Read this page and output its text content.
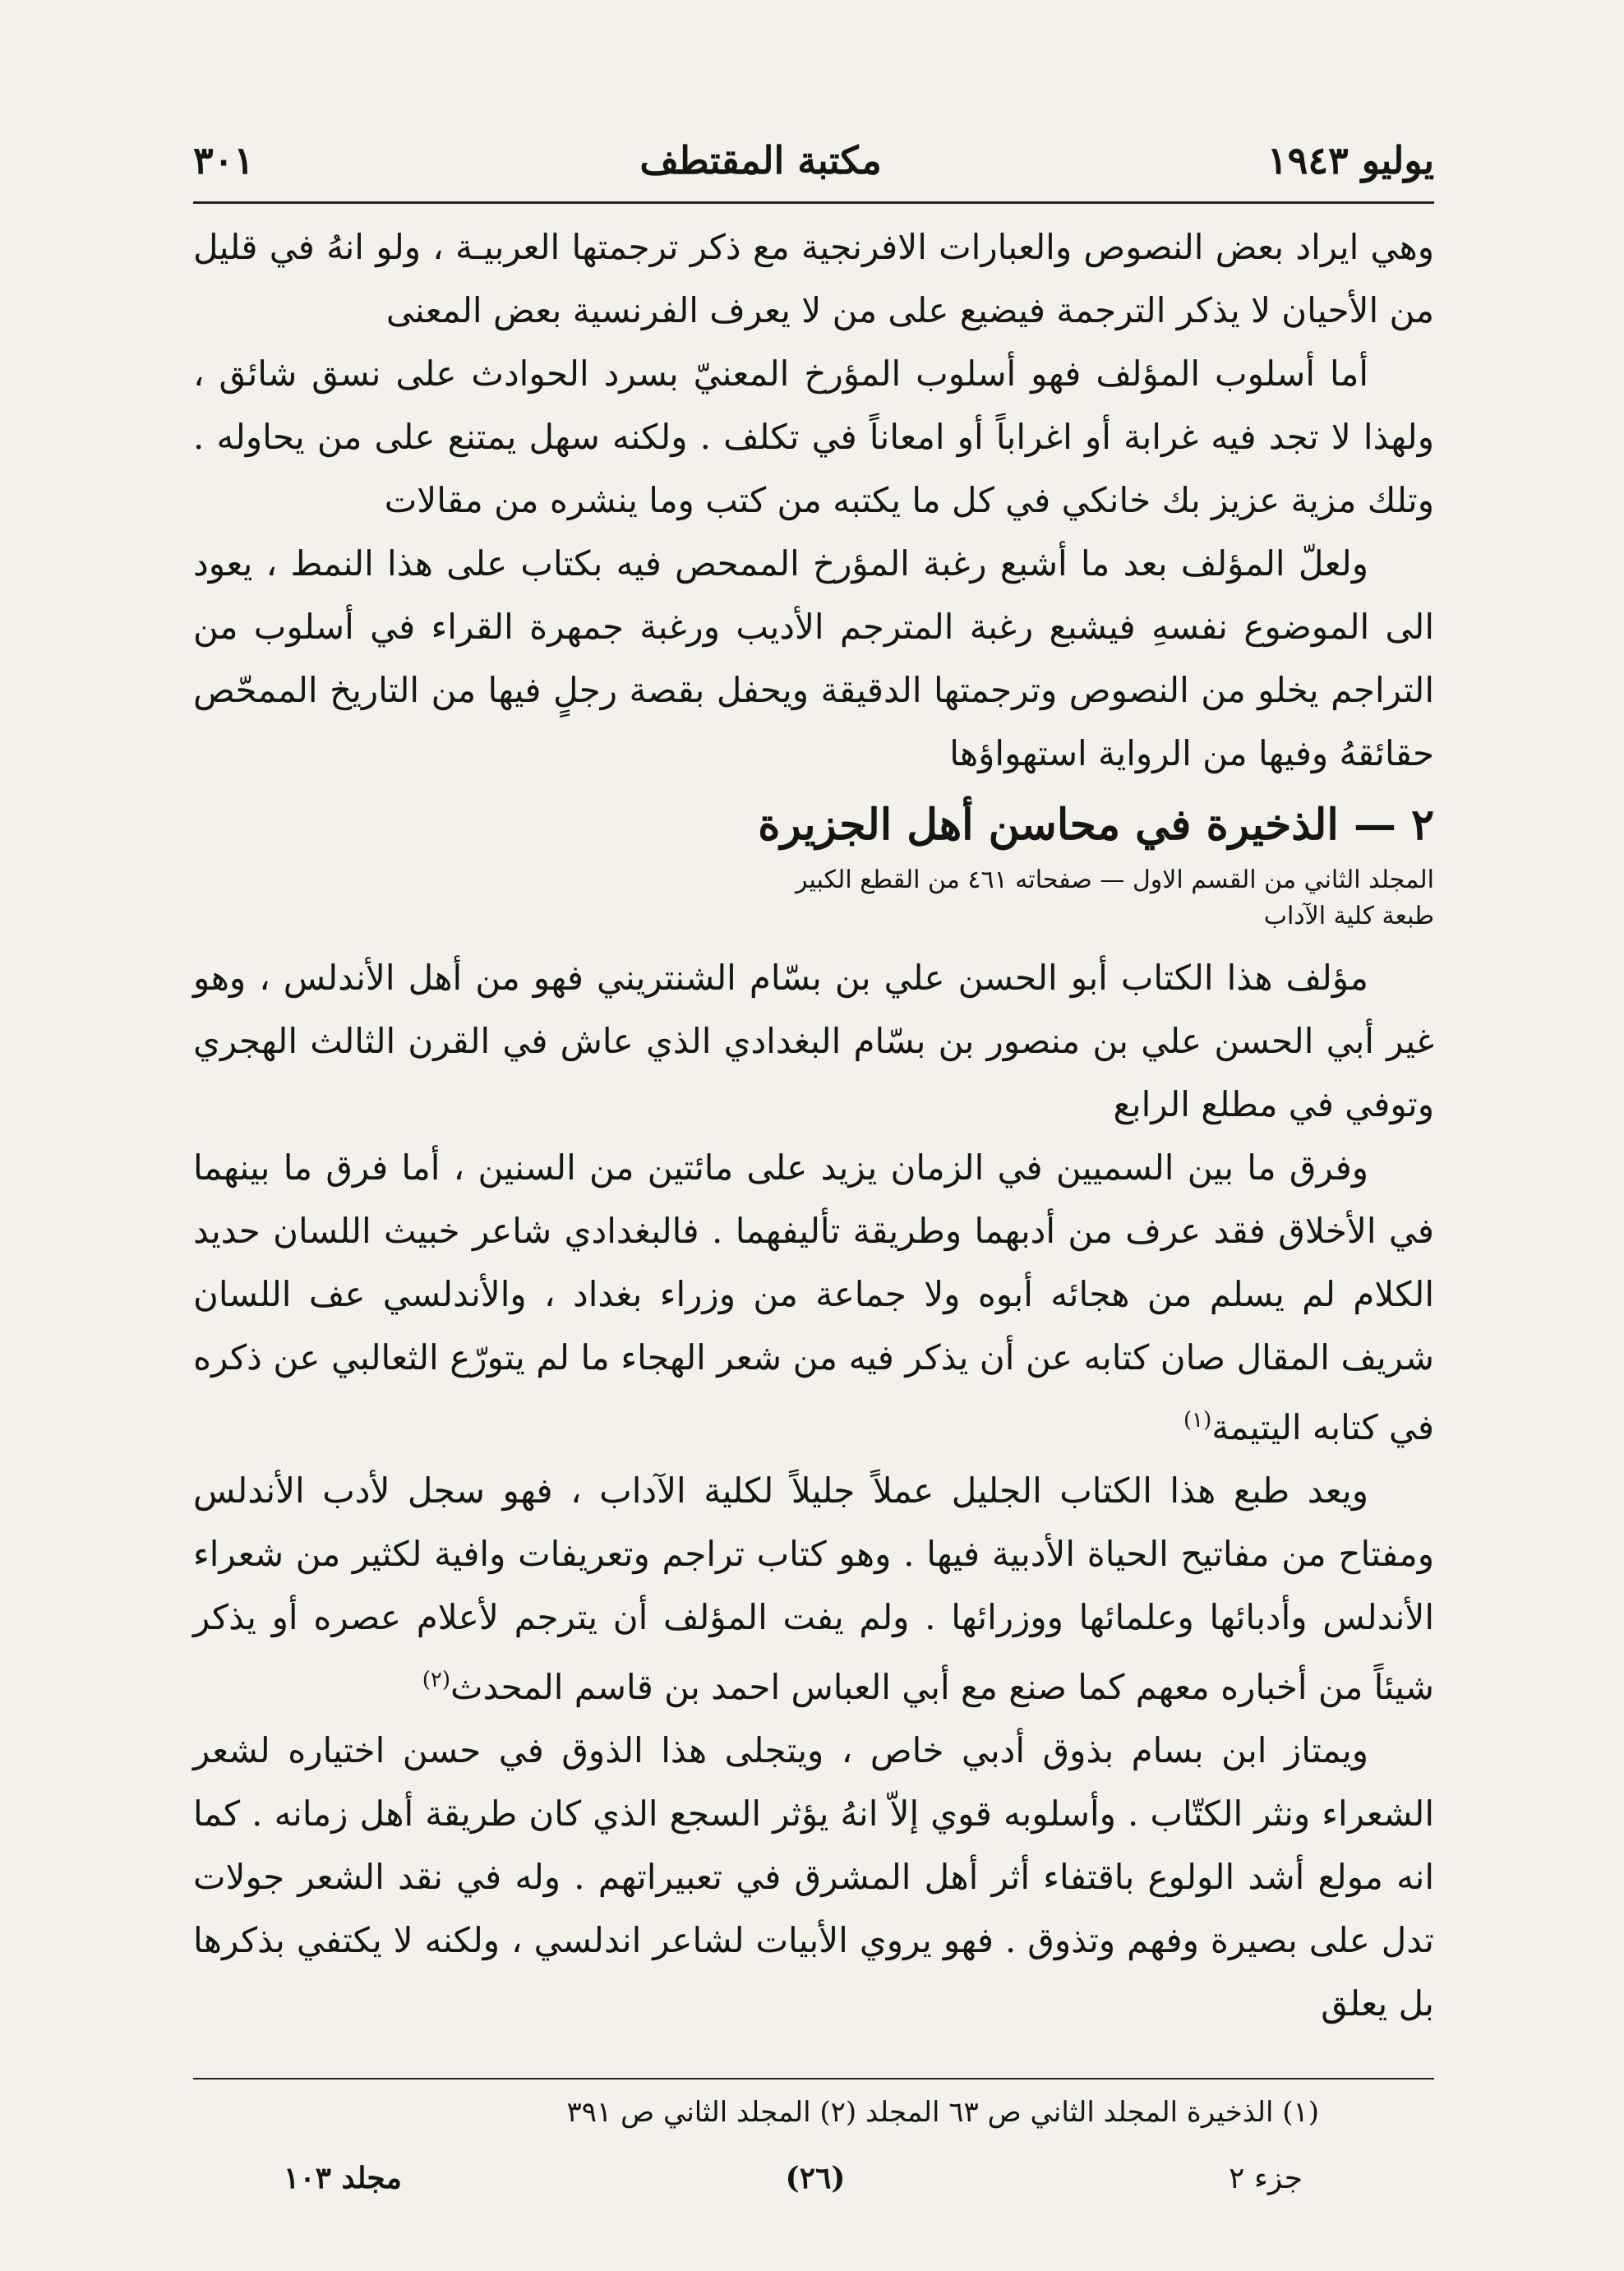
يوليو ١٩٤٣
مكتبة المقتطف
٣٠١

وهي ايراد بعض النصوص والعبارات الافرنجية مع ذكر ترجمتها العربيـة ، ولو انهُ في قليل من الأحيان لا يذكر الترجمة فيضيع على من لا يعرف الفرنسية بعض المعنى

أما أسلوب المؤلف فهو أسلوب المؤرخ المعنيّ بسرد الحوادث على نسق شائق ، ولهذا لا تجد فيه غرابة أو اغراباً أو امعاناً في تكلف . ولكنه سهل يمتنع على من يحاوله . وتلك مزية عزيز بك خانكي في كل ما يكتبه من كتب وما ينشره من مقالات

ولعلّ المؤلف بعد ما أشبع رغبة المؤرخ الممحص فيه بكتاب على هذا النمط ، يعود الى الموضوع نفسهِ فيشبع رغبة المترجم الأديب ورغبة جمهرة القراء في أسلوب من التراجم يخلو من النصوص وترجمتها الدقيقة ويحفل بقصة رجلٍ فيها من التاريخ الممحّص حقائقهُ وفيها من الرواية استهواؤها

٢ — الذخيرة في محاسن أهل الجزيرة
المجلد الثاني من القسم الاول — صفحاته ٤٦١ من القطع الكبير
طبعة كلية الآداب

مؤلف هذا الكتاب أبو الحسن علي بن بسّام الشنتريني فهو من أهل الأندلس ، وهو غير أبي الحسن علي بن منصور بن بسّام البغدادي الذي عاش في القرن الثالث الهجري وتوفي في مطلع الرابع

وفرق ما بين السميين في الزمان يزيد على مائتين من السنين ، أما فرق ما بينهما في الأخلاق فقد عرف من أدبهما وطريقة تأليفهما . فالبغدادي شاعر خبيث اللسان حديد الكلام لم يسلم من هجائه أبوه ولا جماعة من وزراء بغداد ، والأندلسي عف اللسان شريف المقال صان كتابه عن أن يذكر فيه من شعر الهجاء ما لم يتورّع الثعالبي عن ذكره في كتابه اليتيمة$^{(١)}$

ويعد طبع هذا الكتاب الجليل عملاً جليلاً لكلية الآداب ، فهو سجل لأدب الأندلس ومفتاح من مفاتيح الحياة الأدبية فيها . وهو كتاب تراجم وتعريفات وافية لكثير من شعراء الأندلس وأدبائها وعلمائها ووزرائها . ولم يفت المؤلف أن يترجم لأعلام عصره أو يذكر شيئاً من أخباره معهم كما صنع مع أبي العباس احمد بن قاسم المحدث$^{(٢)}$

ويمتاز ابن بسام بذوق أدبي خاص ، ويتجلى هذا الذوق في حسن اختياره لشعر الشعراء ونثر الكتّاب . وأسلوبه قوي إلاّ انهُ يؤثر السجع الذي كان طريقة أهل زمانه . كما انه مولع أشد الولوع باقتفاء أثر أهل المشرق في تعبيراتهم . وله في نقد الشعر جولات تدل على بصيرة وفهم وتذوق . فهو يروي الأبيات لشاعر اندلسي ، ولكنه لا يكتفي بذكرها بل يعلق

(١) الذخيرة المجلد الثاني ص ٦٣ المجلد (٢) المجلد الثاني ص ٣٩١
جزء ٢
(٢٦)
مجلد ١٠٣
